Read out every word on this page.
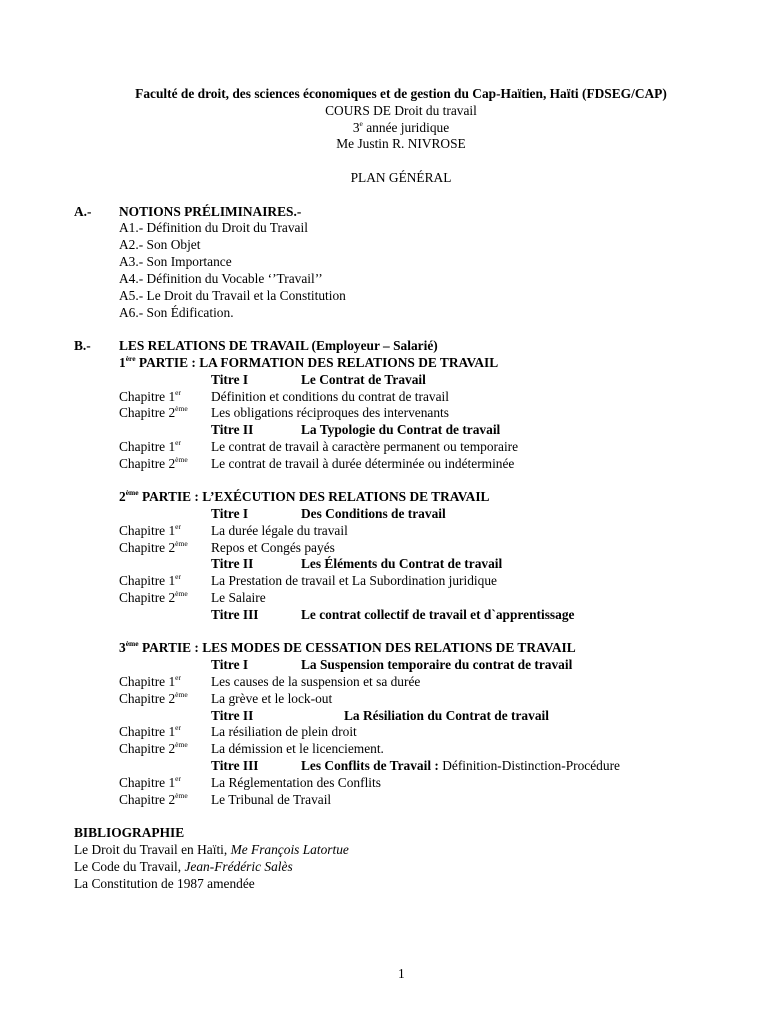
Faculté de droit, des sciences économiques et de gestion du Cap-Haïtien, Haïti (FDSEG/CAP)
COURS DE Droit du travail
3e année juridique
Me Justin R. NIVROSE
PLAN GÉNÉRAL
A.- NOTIONS PRÉLIMINAIRES.-
A1.- Définition du Droit du Travail
A2.- Son Objet
A3.- Son Importance
A4.- Définition du Vocable ‘’Travail’’
A5.- Le Droit du Travail et la Constitution
A6.- Son Édification.
B.- LES RELATIONS DE TRAVAIL (Employeur – Salarié)
1ère PARTIE : LA FORMATION DES RELATIONS DE TRAVAIL
Titre I	Le Contrat de Travail
Chapitre 1er Définition et conditions du contrat de travail
Chapitre 2ème Les obligations réciproques des intervenants
Titre II	La Typologie du Contrat de travail
Chapitre 1er Le contrat de travail à caractère permanent ou temporaire
Chapitre 2ème Le contrat de travail à durée déterminée ou indéterminée
2ème PARTIE : L’EXÉCUTION DES RELATIONS DE TRAVAIL
Titre I	Des Conditions de travail
Chapitre 1er La durée légale du travail
Chapitre 2ème Repos et Congés payés
Titre II	Les Éléments du Contrat de travail
Chapitre 1er La Prestation de travail et La Subordination juridique
Chapitre 2ème Le Salaire
Titre III	Le contrat collectif de travail et d`apprentissage
3ème PARTIE : LES MODES DE CESSATION DES RELATIONS DE TRAVAIL
Titre I	La Suspension temporaire du contrat de travail
Chapitre 1er Les causes de la suspension et sa durée
Chapitre 2ème La grève et le lock-out
Titre II	La Résiliation du Contrat de travail
Chapitre 1er La résiliation de plein droit
Chapitre 2ème La démission et le licenciement.
Titre III	Les Conflits de Travail : Définition-Distinction-Procédure
Chapitre 1er La Réglementation des Conflits
Chapitre 2ème Le Tribunal de Travail
BIBLIOGRAPHIE
Le Droit du Travail en Haïti, Me François Latortue
Le Code du Travail, Jean-Frédéric Salès
La Constitution de 1987 amendée
1
